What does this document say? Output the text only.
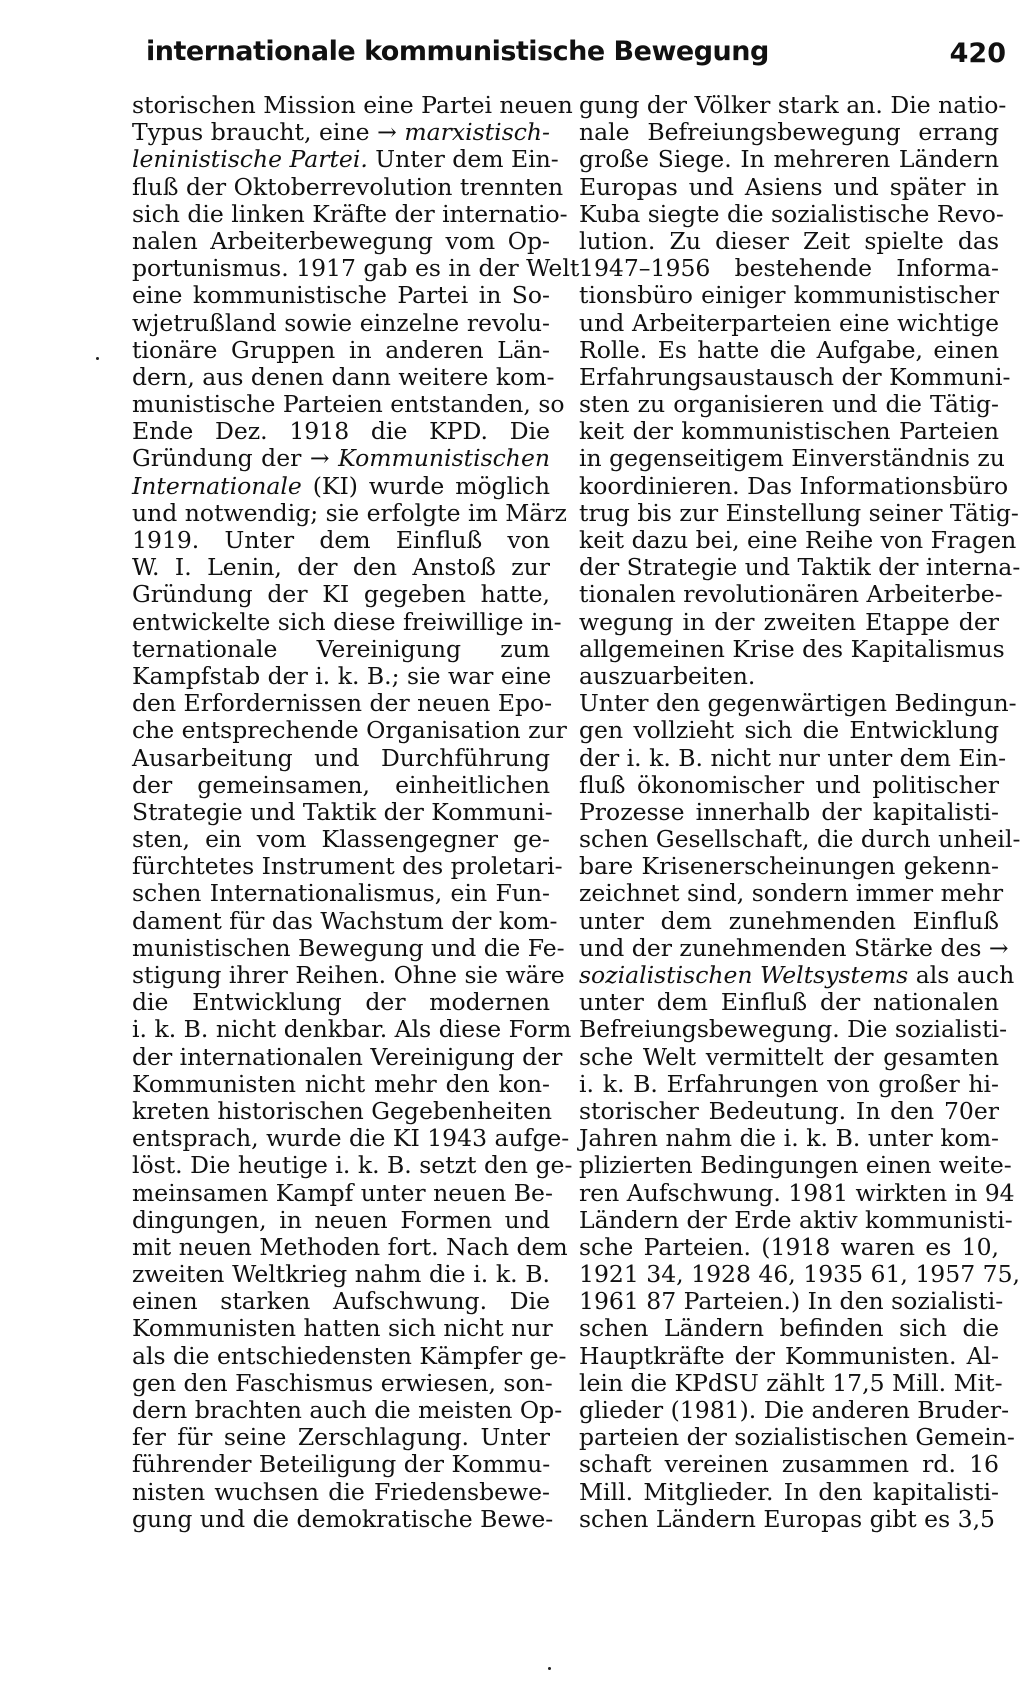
internationale kommunistische Bewegung	420
storischen Mission eine Partei neuen
Typus braucht, eine → marxistisch-
leninistische Partei. Unter dem Ein-
fluß der Oktoberrevolution trennten
sich die linken Kräfte der internatio-
nalen Arbeiterbewegung vom Op-
portunismus. 1917 gab es in der Welt
eine kommunistische Partei in So-
wjetrußland sowie einzelne revolu-
tionäre Gruppen in anderen Län-
dern, aus denen dann weitere kom-
munistische Parteien entstanden, so
Ende Dez. 1918 die KPD. Die
Gründung der → Kommunistischen
Internationale (KI) wurde möglich
und notwendig; sie erfolgte im März
1919. Unter dem Einfluß von
W. I. Lenin, der den Anstoß zur
Gründung der KI gegeben hatte,
entwickelte sich diese freiwillige in-
ternationale Vereinigung zum
Kampfstab der i. k. B.; sie war eine
den Erfordernissen der neuen Epo-
che entsprechende Organisation zur
Ausarbeitung und Durchführung
der gemeinsamen, einheitlichen
Strategie und Taktik der Kommuni-
sten, ein vom Klassengegner ge-
fürchtetes Instrument des proletari-
schen Internationalismus, ein Fun-
dament für das Wachstum der kom-
munistischen Bewegung und die Fe-
stigung ihrer Reihen. Ohne sie wäre
die Entwicklung der modernen
i. k. B. nicht denkbar. Als diese Form
der internationalen Vereinigung der
Kommunisten nicht mehr den kon-
kreten historischen Gegebenheiten
entsprach, wurde die KI 1943 aufge-
löst. Die heutige i. k. B. setzt den ge-
meinsamen Kampf unter neuen Be-
dingungen, in neuen Formen und
mit neuen Methoden fort. Nach dem
zweiten Weltkrieg nahm die i. k. B.
einen starken Aufschwung. Die
Kommunisten hatten sich nicht nur
als die entschiedensten Kämpfer ge-
gen den Faschismus erwiesen, son-
dern brachten auch die meisten Op-
fer für seine Zerschlagung. Unter
führender Beteiligung der Kommu-
nisten wuchsen die Friedensbewe-
gung und die demokratische Bewe-
gung der Völker stark an. Die natio-
nale Befreiungsbewegung errang
große Siege. In mehreren Ländern
Europas und Asiens und später in
Kuba siegte die sozialistische Revo-
lution. Zu dieser Zeit spielte das
1947–1956 bestehende Informa-
tionsbüro einiger kommunistischer
und Arbeiterparteien eine wichtige
Rolle. Es hatte die Aufgabe, einen
Erfahrungsaustausch der Kommuni-
sten zu organisieren und die Tätig-
keit der kommunistischen Parteien
in gegenseitigem Einverständnis zu
koordinieren. Das Informationsbüro
trug bis zur Einstellung seiner Tätig-
keit dazu bei, eine Reihe von Fragen
der Strategie und Taktik der interna-
tionalen revolutionären Arbeiterbe-
wegung in der zweiten Etappe der
allgemeinen Krise des Kapitalismus
auszuarbeiten.
Unter den gegenwärtigen Bedingun-
gen vollzieht sich die Entwicklung
der i. k. B. nicht nur unter dem Ein-
fluß ökonomischer und politischer
Prozesse innerhalb der kapitalisti-
schen Gesellschaft, die durch unheil-
bare Krisenerscheinungen gekenn-
zeichnet sind, sondern immer mehr
unter dem zunehmenden Einfluß
und der zunehmenden Stärke des →
sozialistischen Weltsystems als auch
unter dem Einfluß der nationalen
Befreiungsbewegung. Die sozialisti-
sche Welt vermittelt der gesamten
i. k. B. Erfahrungen von großer hi-
storischer Bedeutung. In den 70er
Jahren nahm die i. k. B. unter kom-
plizierten Bedingungen einen weite-
ren Aufschwung. 1981 wirkten in 94
Ländern der Erde aktiv kommunisti-
sche Parteien. (1918 waren es 10,
1921 34, 1928 46, 1935 61, 1957 75,
1961 87 Parteien.) In den sozialisti-
schen Ländern befinden sich die
Hauptkräfte der Kommunisten. Al-
lein die KPdSU zählt 17,5 Mill. Mit-
glieder (1981). Die anderen Bruder-
parteien der sozialistischen Gemein-
schaft vereinen zusammen rd. 16
Mill. Mitglieder. In den kapitalisti-
schen Ländern Europas gibt es 3,5
